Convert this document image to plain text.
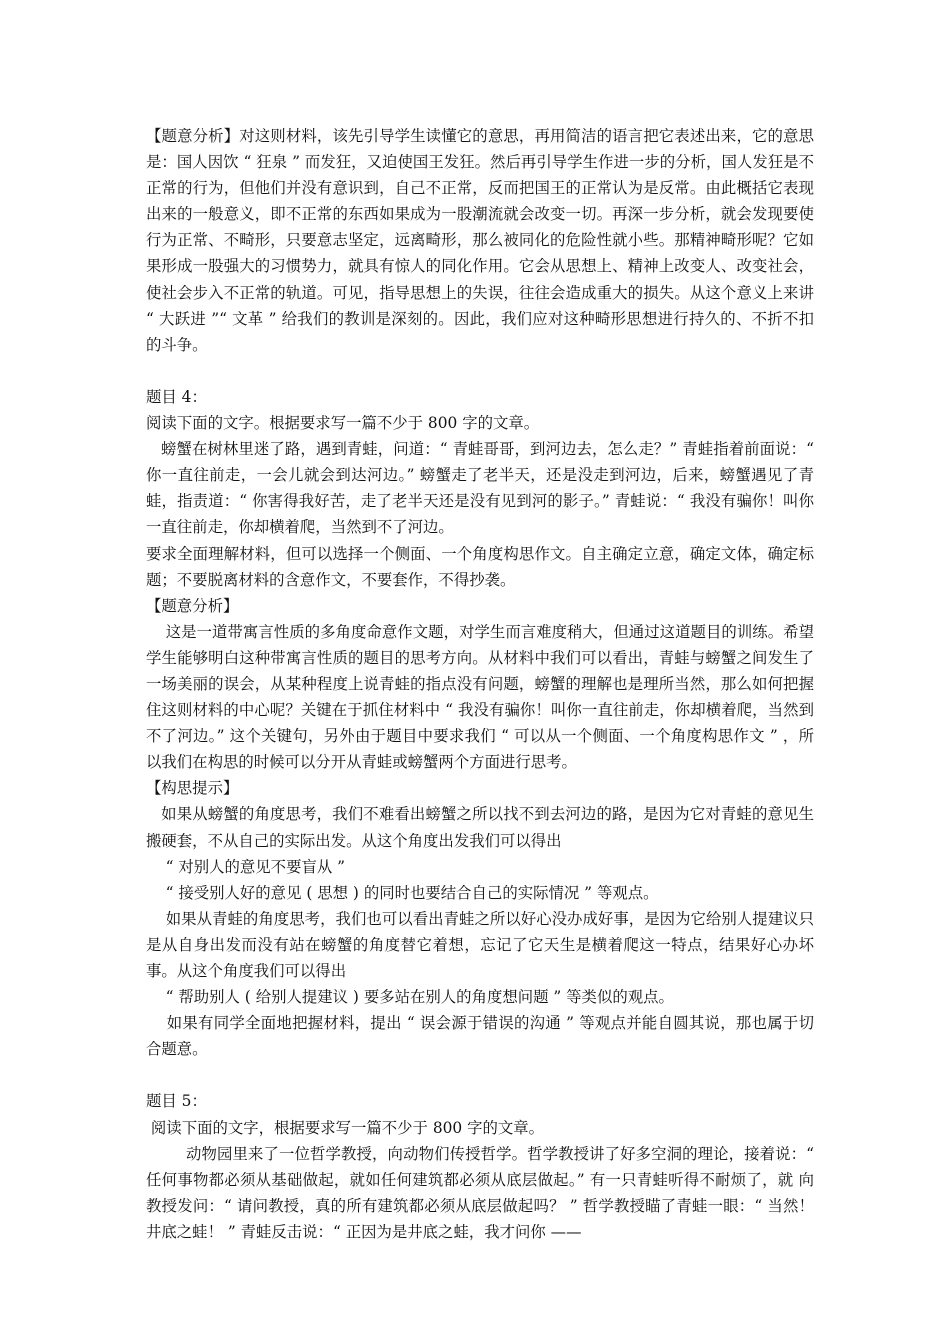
【题意分析】对这则材料，该先引导学生读懂它的意思，再用简洁的语言把它表述出来，它的意思是：国人因饮 “ 狂泉 ” 而发狂，又迫使国王发狂。然后再引导学生作进一步的分析，国人发狂是不正常的行为，但他们并没有意识到，自己不正常，反而把国王的正常认为是反常。由此概括它表现出来的一般意义，即不正常的东西如果成为一股潮流就会改变一切。再深一步分析，就会发现要使行为正常、不畸形，只要意志坚定，远离畸形，那么被同化的危险性就小些。那精神畸形呢？它如果形成一股强大的习惯势力，就具有惊人的同化作用。它会从思想上、精神上改变人、改变社会，使社会步入不正常的轨道。可见，指导思想上的失误，往往会造成重大的损失。从这个意义上来讲 “ 大跃进 ”“ 文革 ” 给我们的教训是深刻的。因此，我们应对这种畸形思想进行持久的、不折不扣的斗争。

题目 4：

阅读下面的文字。根据要求写一篇不少于 800 字的文章。

螃蟹在树林里迷了路，遇到青蛙，问道：“ 青蛙哥哥，到河边去，怎么走？” 青蛙指着前面说：“ 你一直往前走，一会儿就会到达河边。” 螃蟹走了老半天，还是没走到河边，后来，螃蟹遇见了青蛙，指责道：“ 你害得我好苦，走了老半天还是没有见到河的影子。” 青蛙说：“ 我没有骗你！叫你一直往前走，你却横着爬，当然到不了河边。

要求全面理解材料，但可以选择一个侧面、一个角度构思作文。自主确定立意，确定文体，确定标题；不要脱离材料的含意作文，不要套作，不得抄袭。

【题意分析】

这是一道带寓言性质的多角度命意作文题，对学生而言难度稍大，但通过这道题目的训练。希望学生能够明白这种带寓言性质的题目的思考方向。从材料中我们可以看出，青蛙与螃蟹之间发生了一场美丽的误会，从某种程度上说青蛙的指点没有问题，螃蟹的理解也是理所当然，那么如何把握住这则材料的中心呢？关键在于抓住材料中 “ 我没有骗你！叫你一直往前走，你却横着爬，当然到不了河边。” 这个关键句，另外由于题目中要求我们 “ 可以从一个侧面、一个角度构思作文 ” ，所以我们在构思的时候可以分开从青蛙或螃蟹两个方面进行思考。

【构思提示】

如果从螃蟹的角度思考，我们不难看出螃蟹之所以找不到去河边的路，是因为它对青蛙的意见生搬硬套，不从自己的实际出发。从这个角度出发我们可以得出

“ 对别人的意见不要盲从 ”

“ 接受别人好的意见 ( 思想 ) 的同时也要结合自己的实际情况 ” 等观点。

如果从青蛙的角度思考，我们也可以看出青蛙之所以好心没办成好事，是因为它给别人提建议只是从自身出发而没有站在螃蟹的角度替它着想，忘记了它天生是横着爬这一特点，结果好心办坏事。从这个角度我们可以得出

“ 帮助别人 ( 给别人提建议 ) 要多站在别人的角度想问题 ” 等类似的观点。

如果有同学全面地把握材料，提出 “ 误会源于错误的沟通 ” 等观点并能自圆其说，那也属于切合题意。

题目 5：

阅读下面的文字，根据要求写一篇不少于 800 字的文章。

动物园里来了一位哲学教授，向动物们传授哲学。哲学教授讲了好多空洞的理论，接着说：“ 任何事物都必须从基础做起，就如任何建筑都必须从底层做起。” 有一只青蛙听得不耐烦了，就 向 教授发问：“ 请问教授，真的所有建筑都必须从底层做起吗？ ” 哲学教授瞄了青蛙一眼：“ 当然！井底之蛙！ ” 青蛙反击说：“ 正因为是井底之蛙，我才问你 ——
